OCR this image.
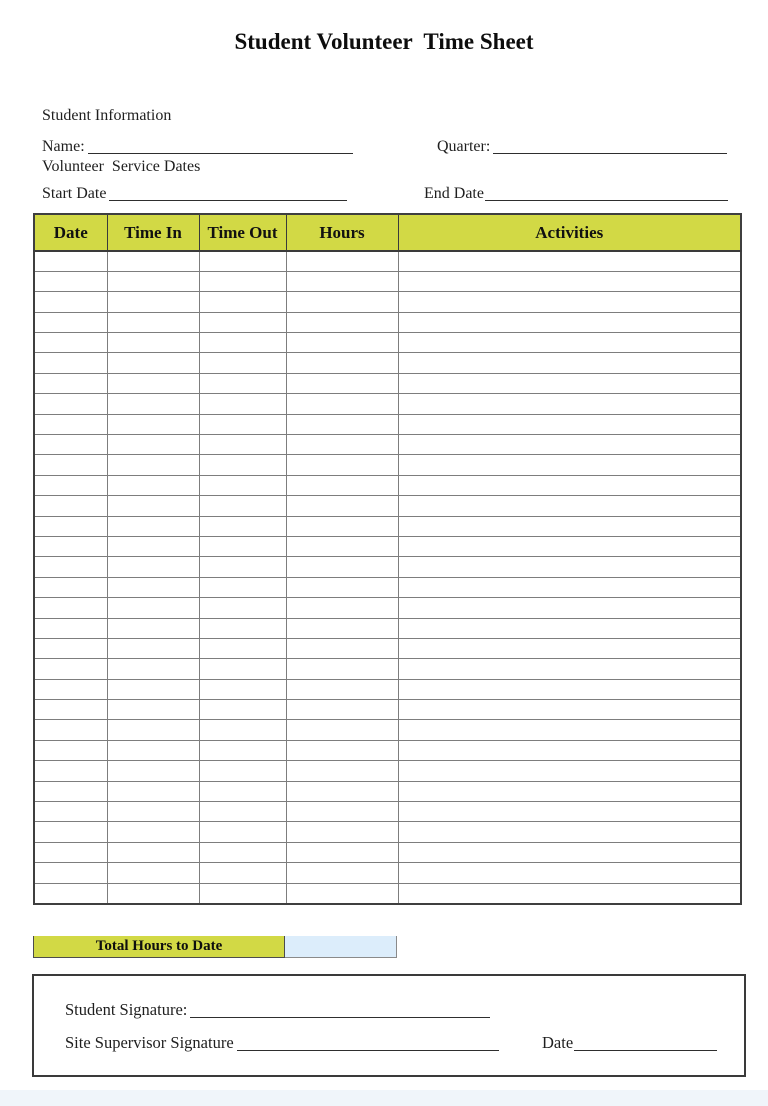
Student Volunteer  Time Sheet
Student Information
Name:	Quarter:
Volunteer  Service Dates
Start Date	End Date
Date	Time In	Time Out	Hours	Activities

Total Hours to Date
Student Signature:
Site Supervisor Signature	Date
